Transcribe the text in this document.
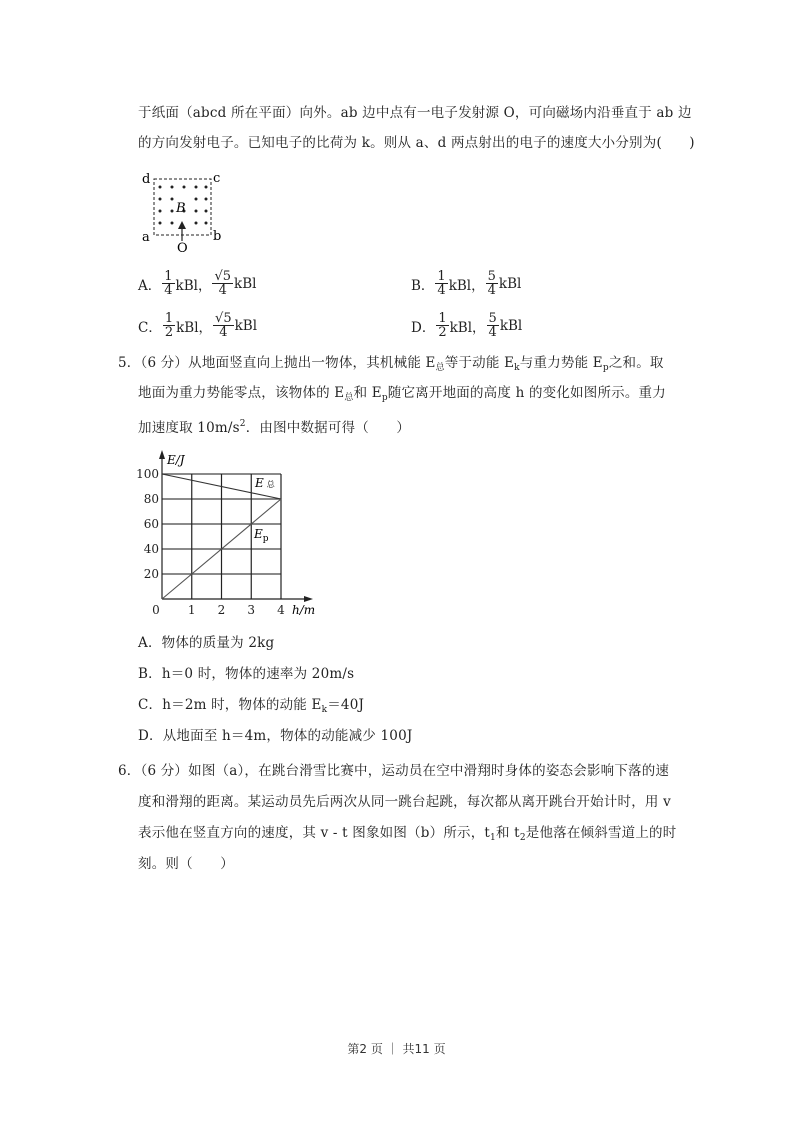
于纸面（abcd 所在平面）向外。ab 边中点有一电子发射源 O，可向磁场内沿垂直于 ab 边
的方向发射电子。已知电子的比荷为 k。则从 a、d 两点射出的电子的速度大小分别为(　　)
d	c
a	b
O
B
A． $\frac{1}{4}$ kBl， $\frac{√5}{4}$ kBl	B． $\frac{1}{4}$ kBl， $\frac{5}{4}$ kBl
C． $\frac{1}{2}$ kBl， $\frac{√5}{4}$ kBl	D． $\frac{1}{2}$ kBl， $\frac{5}{4}$ kBl
5．（6 分）从地面竖直向上抛出一物体，其机械能 $E_总$等于动能 $E_k$与重力势能 $E_p$之和。取
地面为重力势能零点，该物体的 $E_总$和 $E_p$随它离开地面的高度 h 的变化如图所示。重力
加速度取 $10m/s^2$．由图中数据可得（　　）
20
40
60
80
100
0 1 2 3 4
E/J
h/m
E总
$E_p$
A．物体的质量为 2kg
B．h＝0 时，物体的速率为 20m/s
C．h＝2m 时，物体的动能 $E_k=40J$
D．从地面至 h＝4m，物体的动能减少 100J
6．（6 分）如图（a），在跳台滑雪比赛中，运动员在空中滑翔时身体的姿态会影响下落的速
度和滑翔的距离。某运动员先后两次从同一跳台起跳，每次都从离开跳台开始计时，用 v
表示他在竖直方向的速度，其 v - t 图象如图（b）所示，$t_1$和 $t_2$是他落在倾斜雪道上的时
刻。则（　　）
第2 页 ｜ 共11 页
